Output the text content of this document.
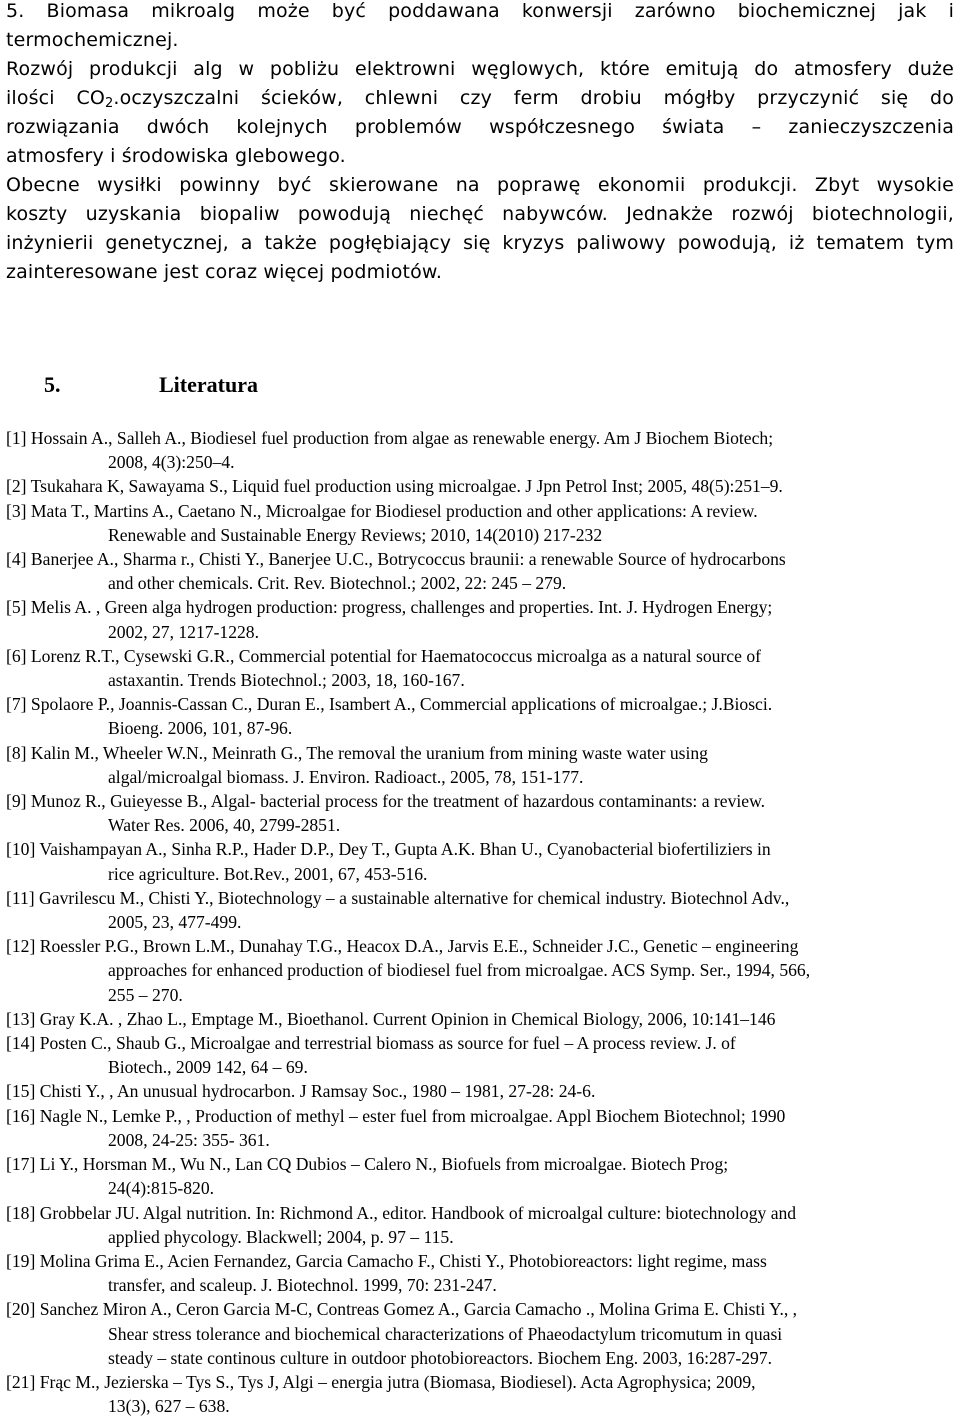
5. Biomasa mikroalg może być poddawana konwersji zarówno biochemicznej jak i
termochemicznej.
Rozwój produkcji alg w pobliżu elektrowni węglowych, które emitują do atmosfery duże
ilości $CO_2.oczyszczalni$ ścieków, chlewni czy ferm drobiu mógłby przyczynić się do
rozwiązania dwóch kolejnych problemów współczesnego świata – zanieczyszczenia
atmosfery i środowiska glebowego.
Obecne wysiłki powinny być skierowane na poprawę ekonomii produkcji. Zbyt wysokie
koszty uzyskania biopaliw powodują niechęć nabywców. Jednakże rozwój biotechnologii,
inżynierii genetycznej, a także pogłębiający się kryzys paliwowy powodują, iż tematem tym
zainteresowane jest coraz więcej podmiotów.
5.	Literatura
[1] Hossain A., Salleh A., Biodiesel fuel production from algae as renewable energy. Am J Biochem Biotech;
2008, 4(3):250–4.
[2] Tsukahara K, Sawayama S., Liquid fuel production using microalgae. J Jpn Petrol Inst; 2005, 48(5):251–9.
[3] Mata T., Martins A., Caetano N., Microalgae for Biodiesel production and other applications: A review.
Renewable and Sustainable Energy Reviews; 2010, 14(2010) 217-232
[4] Banerjee A., Sharma r., Chisti Y., Banerjee U.C., Botrycoccus braunii: a renewable Source of hydrocarbons
and other chemicals. Crit. Rev. Biotechnol.; 2002, 22: 245 – 279.
[5] Melis A. , Green alga hydrogen production: progress, challenges and properties. Int. J. Hydrogen Energy;
2002, 27, 1217-1228.
[6] Lorenz R.T., Cysewski G.R., Commercial potential for Haematococcus microalga as a natural source of
astaxantin. Trends Biotechnol.; 2003, 18, 160-167.
[7] Spolaore P., Joannis-Cassan C., Duran E., Isambert A., Commercial applications of microalgae.; J.Biosci.
Bioeng. 2006, 101, 87-96.
[8] Kalin M., Wheeler W.N., Meinrath G., The removal the uranium from mining waste water using
algal/microalgal biomass. J. Environ. Radioact., 2005, 78, 151-177.
[9] Munoz R., Guieyesse B., Algal- bacterial process for the treatment of hazardous contaminants: a review.
Water Res. 2006, 40, 2799-2851.
[10] Vaishampayan A., Sinha R.P., Hader D.P., Dey T., Gupta A.K. Bhan U., Cyanobacterial biofertiliziers in
rice agriculture. Bot.Rev., 2001, 67, 453-516.
[11] Gavrilescu M., Chisti Y., Biotechnology – a sustainable alternative for chemical industry. Biotechnol Adv.,
2005, 23, 477-499.
[12] Roessler P.G., Brown L.M., Dunahay T.G., Heacox D.A., Jarvis E.E., Schneider J.C., Genetic – engineering
approaches for enhanced production of biodiesel fuel from microalgae. ACS Symp. Ser., 1994, 566,
255 – 270.
[13] Gray K.A. , Zhao L., Emptage M., Bioethanol. Current Opinion in Chemical Biology, 2006, 10:141–146
[14] Posten C., Shaub G., Microalgae and terrestrial biomass as source for fuel – A process review. J. of
Biotech., 2009 142, 64 – 69.
[15] Chisti Y., , An unusual hydrocarbon. J Ramsay Soc., 1980 – 1981, 27-28: 24-6.
[16] Nagle N., Lemke P., , Production of methyl – ester fuel from microalgae. Appl Biochem Biotechnol; 1990
2008, 24-25: 355- 361.
[17] Li Y., Horsman M., Wu N., Lan CQ Dubios – Calero N., Biofuels from microalgae. Biotech Prog;
24(4):815-820.
[18] Grobbelar JU. Algal nutrition. In: Richmond A., editor. Handbook of microalgal culture: biotechnology and
applied phycology. Blackwell; 2004, p. 97 – 115.
[19] Molina Grima E., Acien Fernandez, Garcia Camacho F., Chisti Y., Photobioreactors: light regime, mass
transfer, and scaleup. J. Biotechnol. 1999, 70: 231-247.
[20] Sanchez Miron A., Ceron Garcia M-C, Contreas Gomez A., Garcia Camacho ., Molina Grima E. Chisti Y., ,
Shear stress tolerance and biochemical characterizations of Phaeodactylum tricomutum in quasi
steady – state continous culture in outdoor photobioreactors. Biochem Eng. 2003, 16:287-297.
[21] Frąc M., Jezierska – Tys S., Tys J, Algi – energia jutra (Biomasa, Biodiesel). Acta Agrophysica; 2009,
13(3), 627 – 638.
